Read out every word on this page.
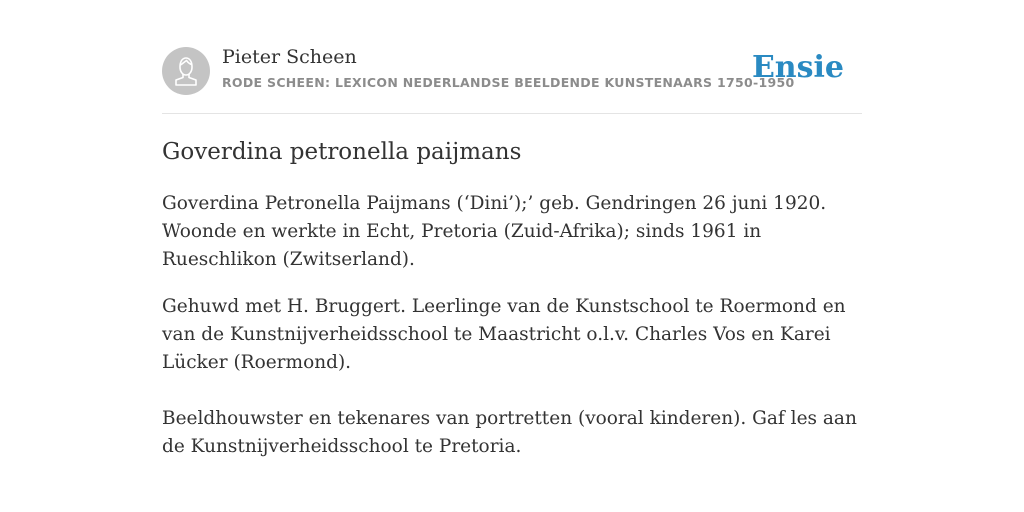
Pieter Scheen
RODE SCHEEN: LEXICON NEDERLANDSE BEELDENDE KUNSTENAARS 1750-1950
Ensie
Goverdina petronella paijmans

Goverdina Petronella Paijmans (‘Dini’);’ geb. Gendringen 26 juni 1920. Woonde en werkte in Echt, Pretoria (Zuid-Afrika); sinds 1961 in Rueschlikon (Zwitserland).

Gehuwd met H. Bruggert. Leerlinge van de Kunstschool te Roermond en van de Kunstnijverheidsschool te Maastricht o.l.v. Charles Vos en Karei Lücker (Roermond).

Beeldhouwster en tekenares van portretten (vooral kinderen). Gaf les aan de Kunstnijverheidsschool te Pretoria.
